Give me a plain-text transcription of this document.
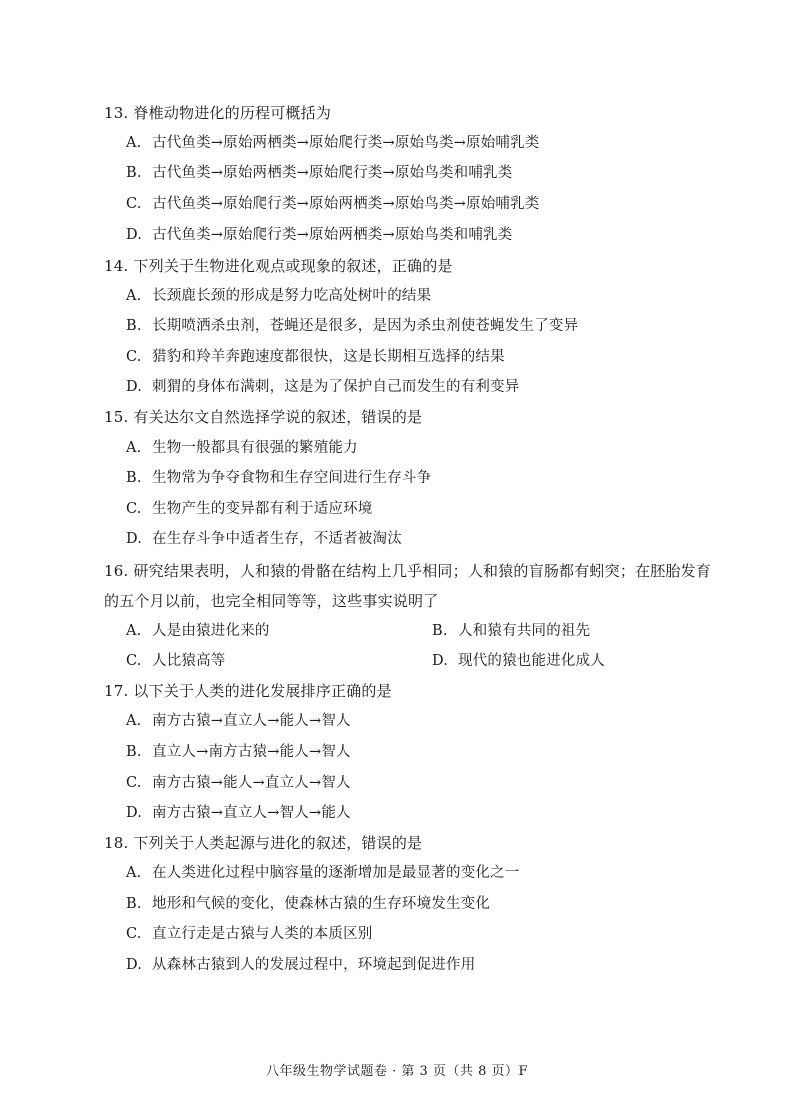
13. 脊椎动物进化的历程可概括为
A. 古代鱼类→原始两栖类→原始爬行类→原始鸟类→原始哺乳类
B. 古代鱼类→原始两栖类→原始爬行类→原始鸟类和哺乳类
C. 古代鱼类→原始爬行类→原始两栖类→原始鸟类→原始哺乳类
D. 古代鱼类→原始爬行类→原始两栖类→原始鸟类和哺乳类
14. 下列关于生物进化观点或现象的叙述，正确的是
A. 长颈鹿长颈的形成是努力吃高处树叶的结果
B. 长期喷洒杀虫剂，苍蝇还是很多，是因为杀虫剂使苍蝇发生了变异
C. 猎豹和羚羊奔跑速度都很快，这是长期相互选择的结果
D. 刺猬的身体布满刺，这是为了保护自己而发生的有利变异
15. 有关达尔文自然选择学说的叙述，错误的是
A. 生物一般都具有很强的繁殖能力
B. 生物常为争夺食物和生存空间进行生存斗争
C. 生物产生的变异都有利于适应环境
D. 在生存斗争中适者生存，不适者被淘汰
16. 研究结果表明，人和猿的骨骼在结构上几乎相同；人和猿的盲肠都有蚓突；在胚胎发育的五个月以前，也完全相同等等，这些事实说明了
A. 人是由猿进化来的	B. 人和猿有共同的祖先
C. 人比猿高等	D. 现代的猿也能进化成人
17. 以下关于人类的进化发展排序正确的是
A. 南方古猿→直立人→能人→智人
B. 直立人→南方古猿→能人→智人
C. 南方古猿→能人→直立人→智人
D. 南方古猿→直立人→智人→能人
18. 下列关于人类起源与进化的叙述，错误的是
A. 在人类进化过程中脑容量的逐渐增加是最显著的变化之一
B. 地形和气候的变化，使森林古猿的生存环境发生变化
C. 直立行走是古猿与人类的本质区别
D. 从森林古猿到人的发展过程中，环境起到促进作用
八年级生物学试题卷 · 第 3 页（共 8 页）F
